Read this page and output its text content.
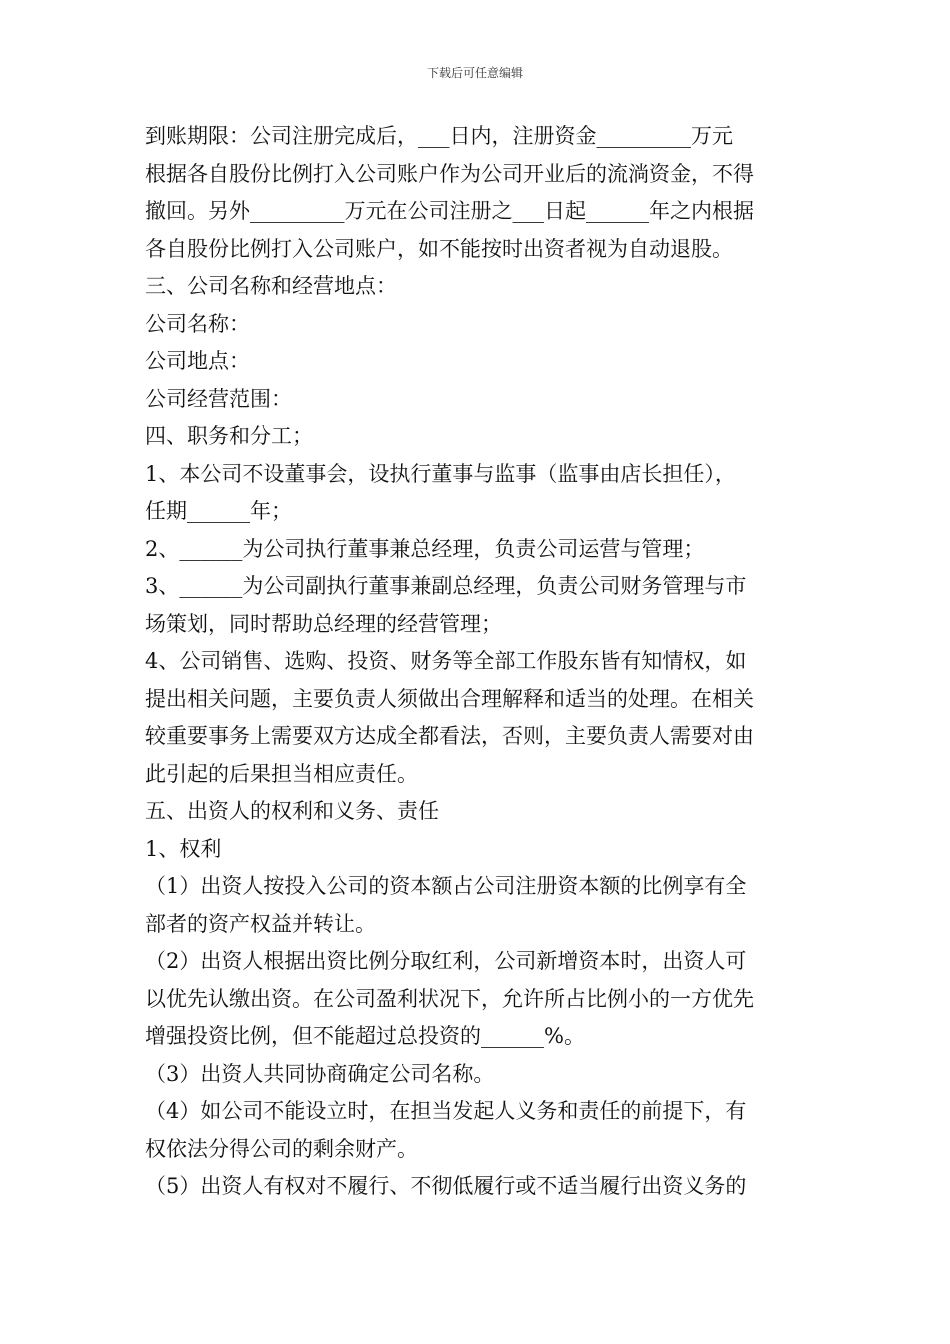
下载后可任意编辑
到账期限：公司注册完成后，___日内，注册资金_________万元
根据各自股份比例打入公司账户作为公司开业后的流淌资金，不得
撤回。另外_________万元在公司注册之___日起______年之内根据
各自股份比例打入公司账户，如不能按时出资者视为自动退股。
三、公司名称和经营地点：
公司名称：
公司地点：
公司经营范围：
四、职务和分工；
1、本公司不设董事会，设执行董事与监事（监事由店长担任），
任期______年；
2、______为公司执行董事兼总经理，负责公司运营与管理；
3、______为公司副执行董事兼副总经理，负责公司财务管理与市
场策划，同时帮助总经理的经营管理；
4、公司销售、选购、投资、财务等全部工作股东皆有知情权，如
提出相关问题，主要负责人须做出合理解释和适当的处理。在相关
较重要事务上需要双方达成全都看法，否则，主要负责人需要对由
此引起的后果担当相应责任。
五、出资人的权利和义务、责任
1、权利
（1）出资人按投入公司的资本额占公司注册资本额的比例享有全
部者的资产权益并转让。
（2）出资人根据出资比例分取红利，公司新增资本时，出资人可
以优先认缴出资。在公司盈利状况下，允许所占比例小的一方优先
增强投资比例，但不能超过总投资的______%。
（3）出资人共同协商确定公司名称。
（4）如公司不能设立时，在担当发起人义务和责任的前提下，有
权依法分得公司的剩余财产。
（5）出资人有权对不履行、不彻低履行或不适当履行出资义务的
